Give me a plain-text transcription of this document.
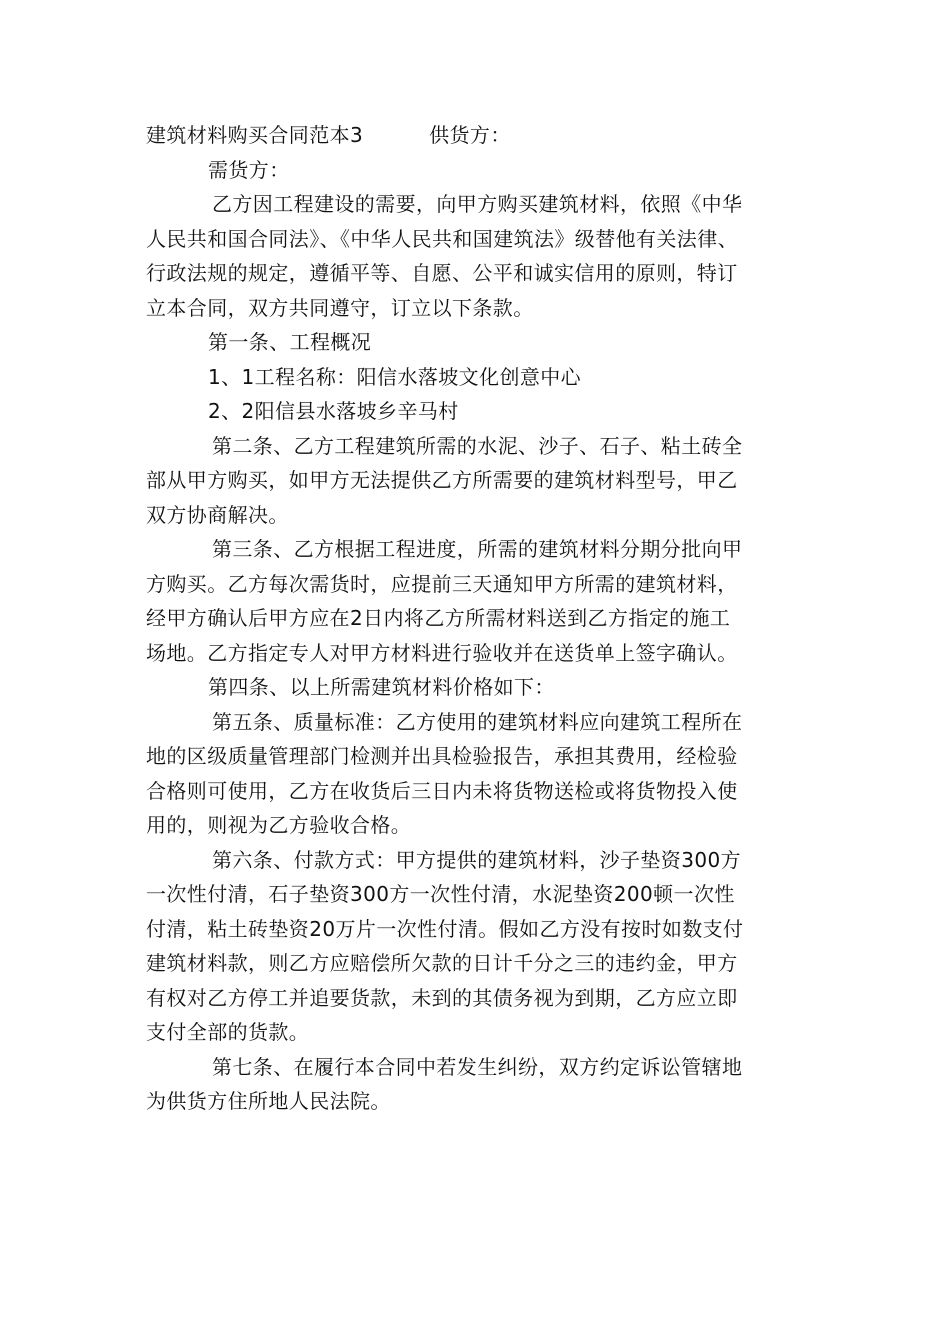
建筑材料购买合同范本3	供货方：
需货方：
乙方因工程建设的需要，向甲方购买建筑材料，依照《中华
人民共和国合同法》、《中华人民共和国建筑法》级替他有关法律、
行政法规的规定，遵循平等、自愿、公平和诚实信用的原则，特订
立本合同，双方共同遵守，订立以下条款。
第一条、工程概况
1、1工程名称：阳信水落坡文化创意中心
2、2阳信县水落坡乡辛马村
第二条、乙方工程建筑所需的水泥、沙子、石子、粘土砖全
部从甲方购买，如甲方无法提供乙方所需要的建筑材料型号，甲乙
双方协商解决。
第三条、乙方根据工程进度，所需的建筑材料分期分批向甲
方购买。乙方每次需货时，应提前三天通知甲方所需的建筑材料，
经甲方确认后甲方应在2日内将乙方所需材料送到乙方指定的施工
场地。乙方指定专人对甲方材料进行验收并在送货单上签字确认。
第四条、以上所需建筑材料价格如下：
第五条、质量标准：乙方使用的建筑材料应向建筑工程所在
地的区级质量管理部门检测并出具检验报告，承担其费用，经检验
合格则可使用，乙方在收货后三日内未将货物送检或将货物投入使
用的，则视为乙方验收合格。
第六条、付款方式：甲方提供的建筑材料，沙子垫资300方
一次性付清，石子垫资300方一次性付清，水泥垫资200顿一次性
付清，粘土砖垫资20万片一次性付清。假如乙方没有按时如数支付
建筑材料款，则乙方应赔偿所欠款的日计千分之三的违约金，甲方
有权对乙方停工并追要货款，未到的其债务视为到期，乙方应立即
支付全部的货款。
第七条、在履行本合同中若发生纠纷，双方约定诉讼管辖地
为供货方住所地人民法院。
